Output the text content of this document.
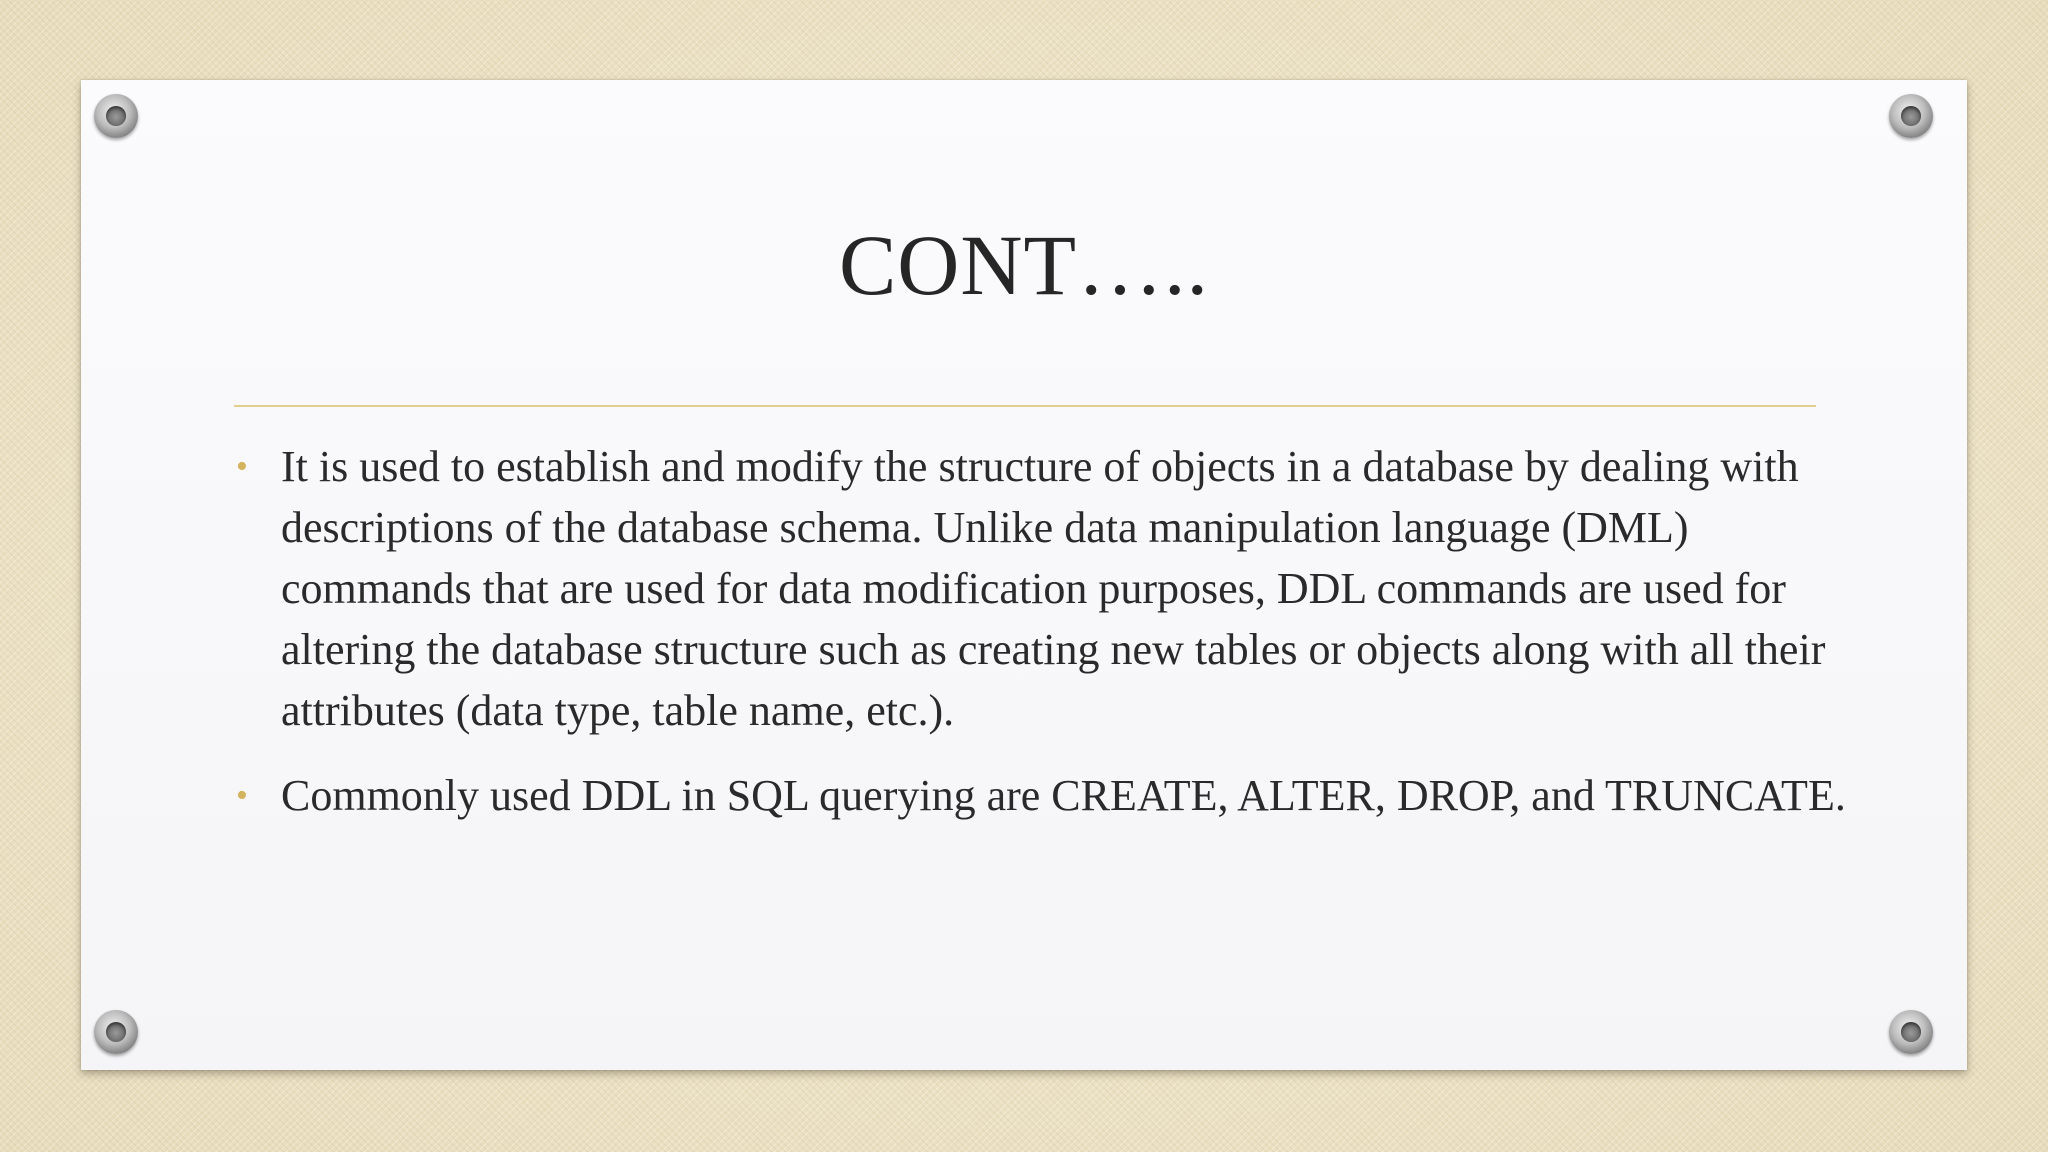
CONT…..
• It is used to establish and modify the structure of objects in a database by dealing with descriptions of the database schema. Unlike data manipulation language (DML) commands that are used for data modification purposes, DDL commands are used for altering the database structure such as creating new tables or objects along with all their attributes (data type, table name, etc.).
• Commonly used DDL in SQL querying are CREATE, ALTER, DROP, and TRUNCATE.
